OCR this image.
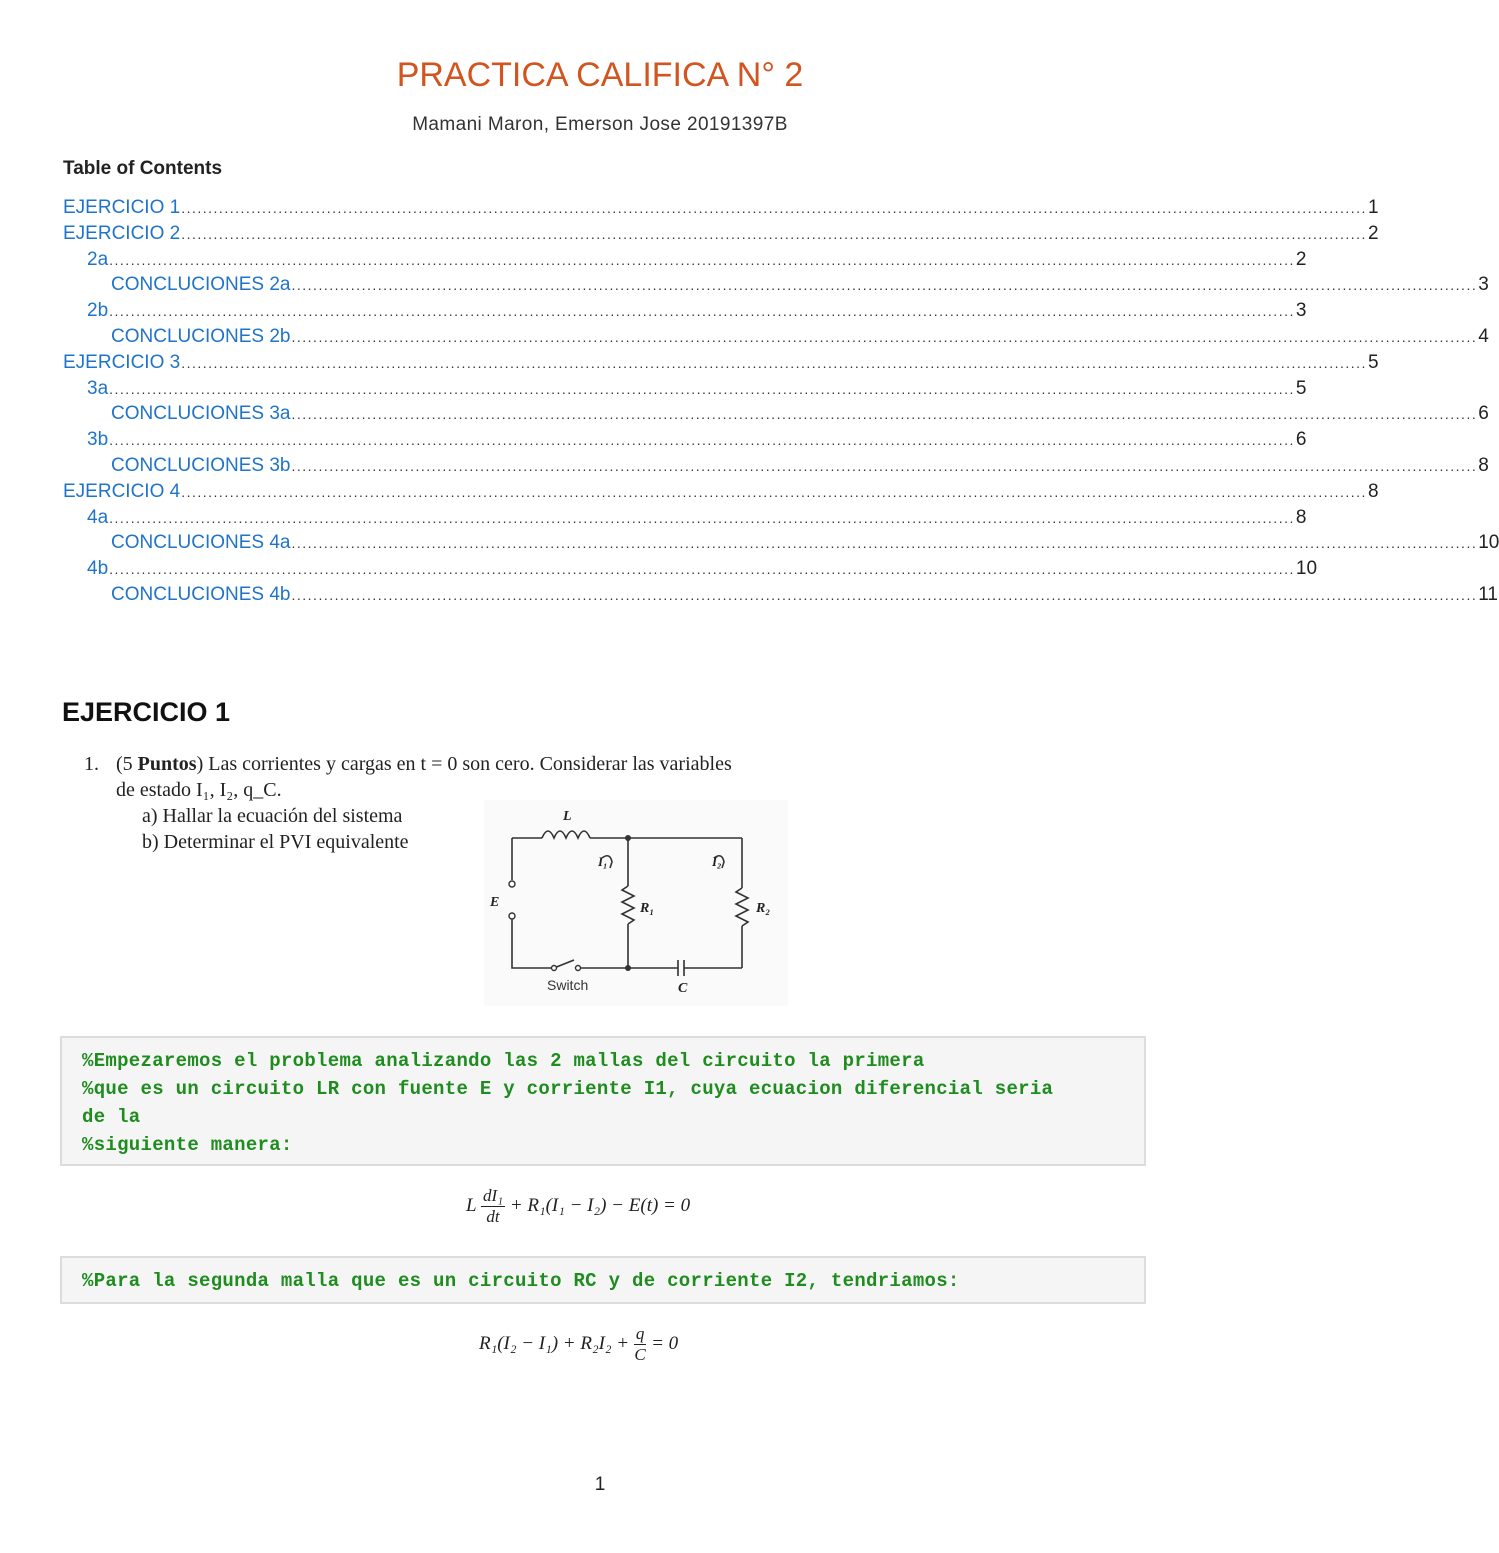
PRACTICA CALIFICA N° 2
Mamani Maron, Emerson Jose 20191397B
Table of Contents
EJERCICIO 1 ............................................................................................................................................................................................................................ 1
EJERCICIO 2 ............................................................................................................................................................................................................................ 2
2a ............................................................................................................................................................................................................................ 2
CONCLUCIONES 2a ............................................................................................................................................................................................................................ 3
2b ............................................................................................................................................................................................................................ 3
CONCLUCIONES 2b ............................................................................................................................................................................................................................ 4
EJERCICIO 3 ............................................................................................................................................................................................................................ 5
3a ............................................................................................................................................................................................................................ 5
CONCLUCIONES 3a ............................................................................................................................................................................................................................ 6
3b ............................................................................................................................................................................................................................ 6
CONCLUCIONES 3b ............................................................................................................................................................................................................................ 8
EJERCICIO 4 ............................................................................................................................................................................................................................ 8
4a ............................................................................................................................................................................................................................ 8
CONCLUCIONES 4a ............................................................................................................................................................................................................................ 10
4b ............................................................................................................................................................................................................................ 10
CONCLUCIONES 4b ............................................................................................................................................................................................................................ 11
EJERCICIO 1
1. (5 Puntos) Las corrientes y cargas en t = 0 son cero. Considerar las variables
de estado I₁, I₂, q_C.
a) Hallar la ecuación del sistema
b) Determinar el PVI equivalente
L
E	R₁	R₂
I₁	I₂
C
Switch
%Empezaremos el problema analizando las 2 mallas del circuito la primera
%que es un circuito LR con fuente E y corriente I1, cuya ecuacion diferencial seria
de la
%siguiente manera:
L $\frac{\text{dI₁}}{dt} + R_1(I_1 - I_2) - E(t) = 0$
%Para la segunda malla que es un circuito RC y de corriente I2, tendriamos:
$R_1(I_2 - I_1) + R_2I_2 + \frac{q}{C} = 0$
1
